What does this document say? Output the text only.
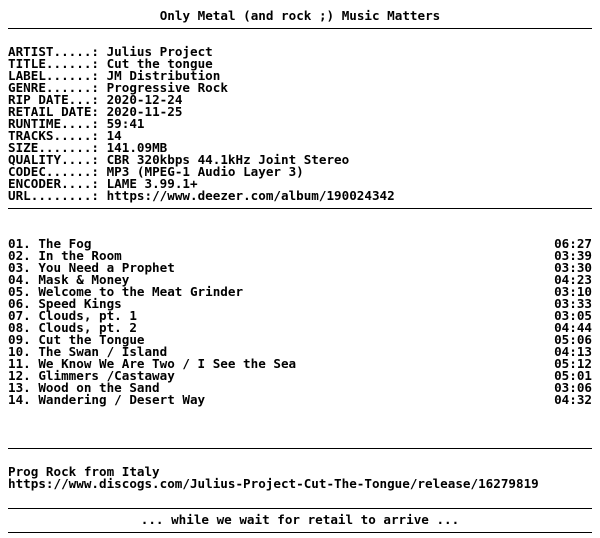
Only Metal (and rock ;) Music Matters
ARTIST.....: Julius Project
TITLE......: Cut the tongue
LABEL......: JM Distribution
GENRE......: Progressive Rock
RIP DATE...: 2020-12-24
RETAIL DATE: 2020-11-25
RUNTIME....: 59:41
TRACKS.....: 14
SIZE.......: 141.09MB
QUALITY....: CBR 320kbps 44.1kHz Joint Stereo
CODEC......: MP3 (MPEG-1 Audio Layer 3)
ENCODER....: LAME 3.99.1+
URL........: https://www.deezer.com/album/190024342
01. The Fog	06:27
02. In the Room	03:39
03. You Need a Prophet	03:30
04. Mask & Money	04:23
05. Welcome to the Meat Grinder	03:10
06. Speed Kings	03:33
07. Clouds, pt. 1	03:05
08. Clouds, pt. 2	04:44
09. Cut the Tongue	05:06
10. The Swan / Island	04:13
11. We Know We Are Two / I See the Sea	05:12
12. Glimmers /Castaway	05:01
13. Wood on the Sand	03:06
14. Wandering / Desert Way	04:32
Prog Rock from Italy
https://www.discogs.com/Julius-Project-Cut-The-Tongue/release/16279819
... while we wait for retail to arrive ...
